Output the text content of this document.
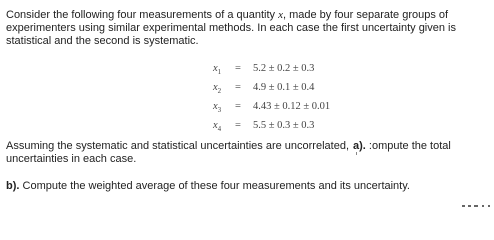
Consider the following four measurements of a quantity x, made by four separate groups of experimenters using similar experimental methods. In each case the first uncertainty given is statistical and the second is systematic.

$x_1 = 5.2 \pm 0.2 \pm 0.3$
$x_2 = 4.9 \pm 0.1 \pm 0.4$
$x_3 = 4.43 \pm 0.12 \pm 0.01$
$x_4 = 5.5 \pm 0.3 \pm 0.3$

Assuming the systematic and statistical uncertainties are uncorrelated, a). :ompute the total uncertainties in each case.

b). Compute the weighted average of these four measurements and its uncertainty.
